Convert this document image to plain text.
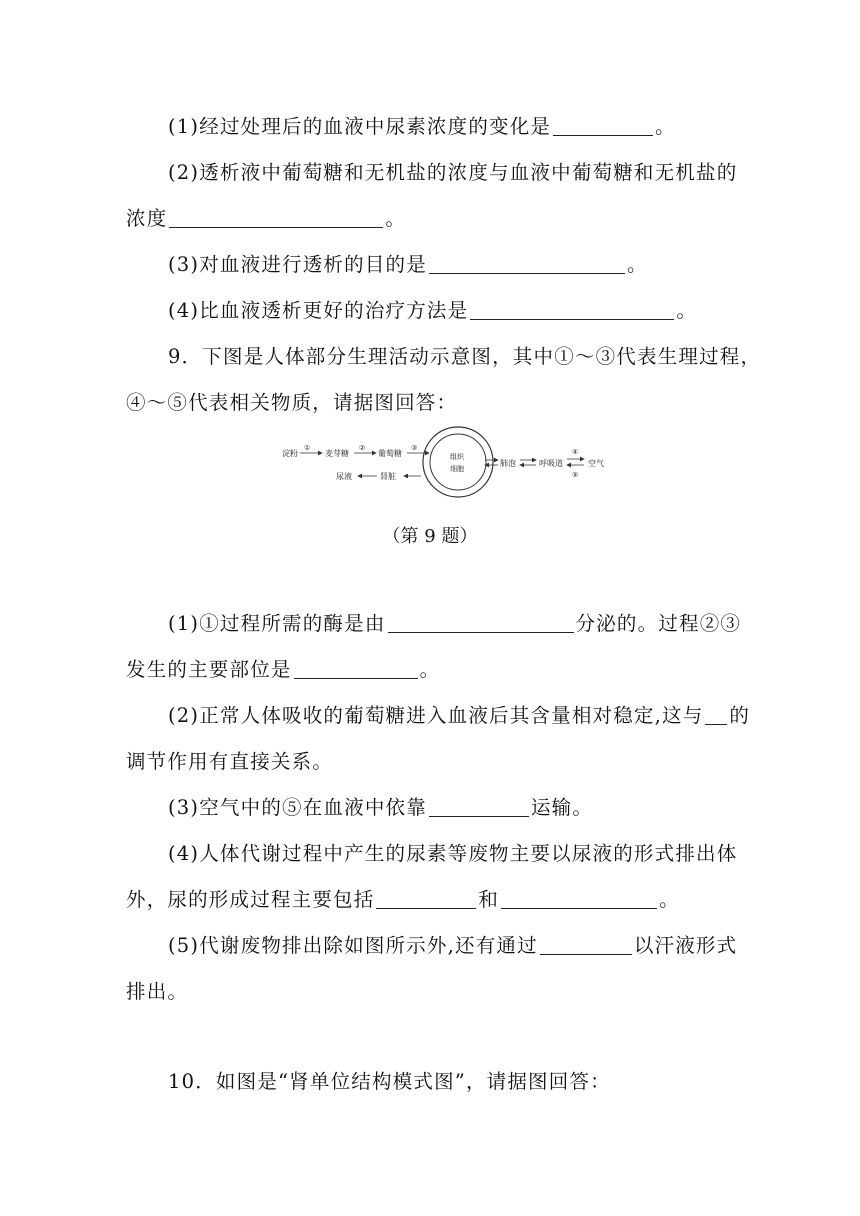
(1)经过处理后的血液中尿素浓度的变化是	。
(2)透析液中葡萄糖和无机盐的浓度与血液中葡萄糖和无机盐的
浓度	。
(3)对血液进行透析的目的是	。
(4)比血液透析更好的治疗方法是	。
9．下图是人体部分生理活动示意图，其中①～③代表生理过程，
④～⑤代表相关物质，请据图回答：
淀粉
①
麦芽糖
②
葡萄糖
③
组织
细胞
肺泡	呼吸道
④
⑤
空气
肾脏
尿液
（第 9 题）
(1)①过程所需的酶是由	分泌的。过程②③
发生的主要部位是	。
(2)正常人体吸收的葡萄糖进入血液后其含量相对稳定,这与 的
调节作用有直接关系。
(3)空气中的⑤在血液中依靠	运输。
(4)人体代谢过程中产生的尿素等废物主要以尿液的形式排出体
外，尿的形成过程主要包括	和	。
(5)代谢废物排出除如图所示外,还有通过	以汗液形式
排出。
10．如图是“肾单位结构模式图”，请据图回答：
